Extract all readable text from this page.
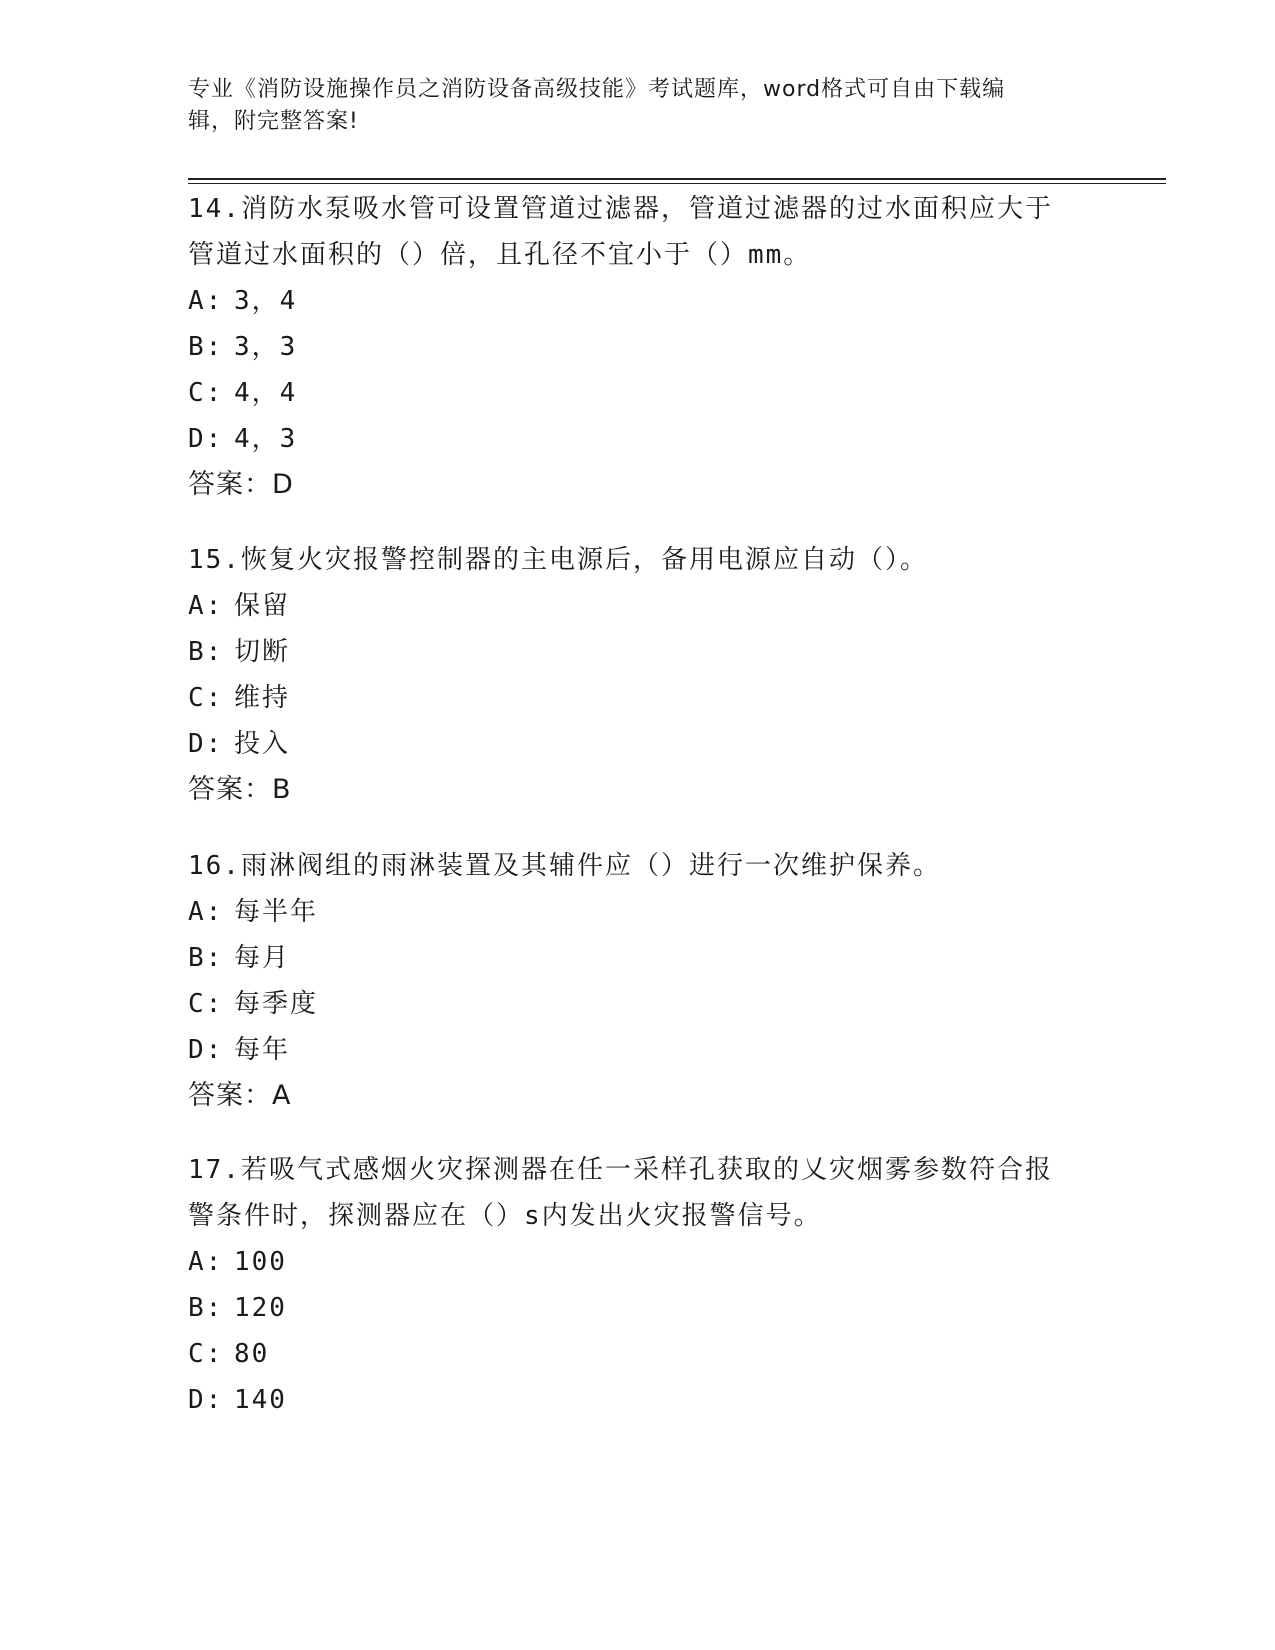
专业《消防设施操作员之消防设备高级技能》考试题库，word格式可自由下载编
辑，附完整答案!
14.消防水泵吸水管可设置管道过滤器，管道过滤器的过水面积应大于
管道过水面积的（）倍，且孔径不宜小于（）mm。
A: 3，4
B: 3，3
C: 4，4
D: 4，3
答案：D
15.恢复火灾报警控制器的主电源后，备用电源应自动（）。
A: 保留
B: 切断
C: 维持
D: 投入
答案：B
16.雨淋阀组的雨淋装置及其辅件应（）进行一次维护保养。
A: 每半年
B: 每月
C: 每季度
D: 每年
答案：A
17.若吸气式感烟火灾探测器在任一采样孔获取的乂灾烟雾参数符合报
警条件时，探测器应在（）s内发出火灾报警信号。
A: 100
B: 120
C: 80
D: 140
